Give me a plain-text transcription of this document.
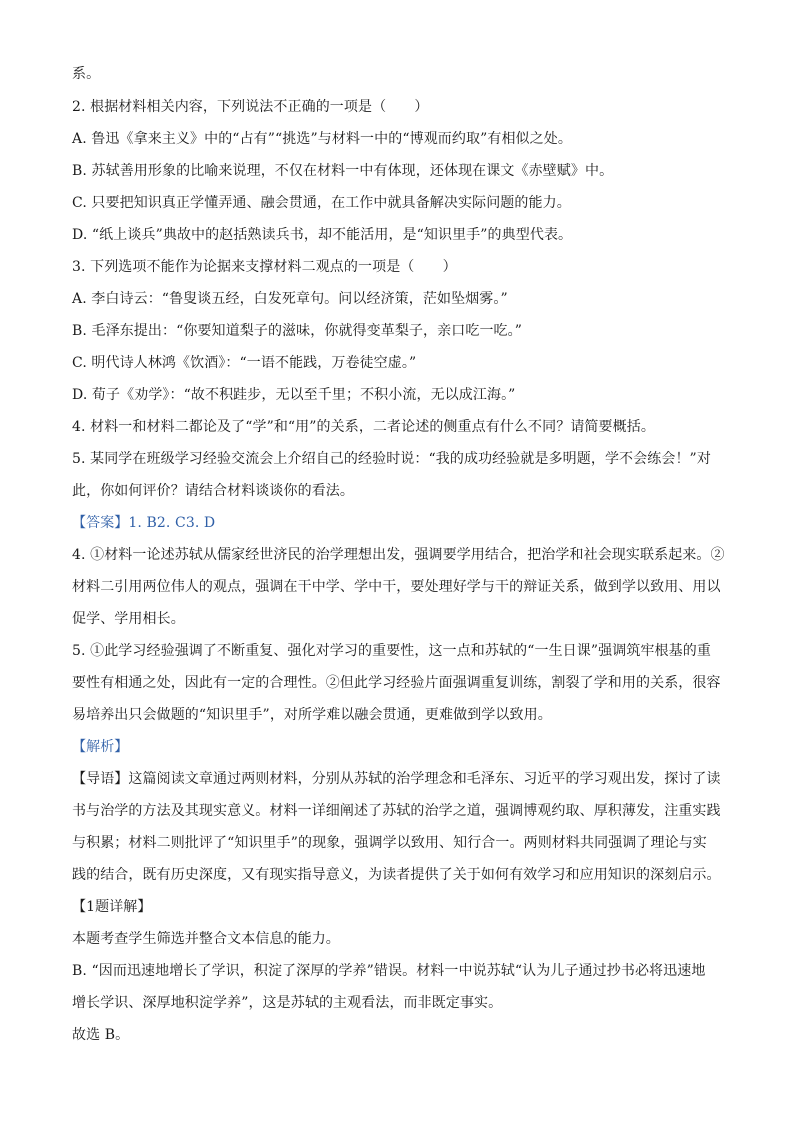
系。
2. 根据材料相关内容，下列说法不正确的一项是（　　）
A. 鲁迅《拿来主义》中的“占有”“挑选”与材料一中的“博观而约取”有相似之处。
B. 苏轼善用形象的比喻来说理，不仅在材料一中有体现，还体现在课文《赤壁赋》中。
C. 只要把知识真正学懂弄通、融会贯通，在工作中就具备解决实际问题的能力。
D. “纸上谈兵”典故中的赵括熟读兵书，却不能活用，是“知识里手”的典型代表。
3. 下列选项不能作为论据来支撑材料二观点的一项是（　　）
A. 李白诗云：“鲁叟谈五经，白发死章句。问以经济策，茫如坠烟雾。”
B. 毛泽东提出：“你要知道梨子的滋味，你就得变革梨子，亲口吃一吃。”
C. 明代诗人林鸿《饮酒》：“一语不能践，万卷徒空虚。”
D. 荀子《劝学》：“故不积跬步，无以至千里；不积小流，无以成江海。”
4. 材料一和材料二都论及了“学”和“用”的关系，二者论述的侧重点有什么不同？请简要概括。
5. 某同学在班级学习经验交流会上介绍自己的经验时说：“我的成功经验就是多明题，学不会练会！”对
此，你如何评价？请结合材料谈谈你的看法。
【答案】1. B2. C3. D
4. ①材料一论述苏轼从儒家经世济民的治学理想出发，强调要学用结合，把治学和社会现实联系起来。②
材料二引用两位伟人的观点，强调在干中学、学中干，要处理好学与干的辩证关系，做到学以致用、用以
促学、学用相长。
5. ①此学习经验强调了不断重复、强化对学习的重要性，这一点和苏轼的“一生日课”强调筑牢根基的重
要性有相通之处，因此有一定的合理性。②但此学习经验片面强调重复训练，割裂了学和用的关系，很容
易培养出只会做题的“知识里手”，对所学难以融会贯通，更难做到学以致用。
【解析】
【导语】这篇阅读文章通过两则材料，分别从苏轼的治学理念和毛泽东、习近平的学习观出发，探讨了读
书与治学的方法及其现实意义。材料一详细阐述了苏轼的治学之道，强调博观约取、厚积薄发，注重实践
与积累；材料二则批评了“知识里手”的现象，强调学以致用、知行合一。两则材料共同强调了理论与实
践的结合，既有历史深度，又有现实指导意义，为读者提供了关于如何有效学习和应用知识的深刻启示。
【1题详解】
本题考查学生筛选并整合文本信息的能力。
B. “因而迅速地增长了学识，积淀了深厚的学养”错误。材料一中说苏轼“认为儿子通过抄书必将迅速地
增长学识、深厚地积淀学养”，这是苏轼的主观看法，而非既定事实。
故选 B。
